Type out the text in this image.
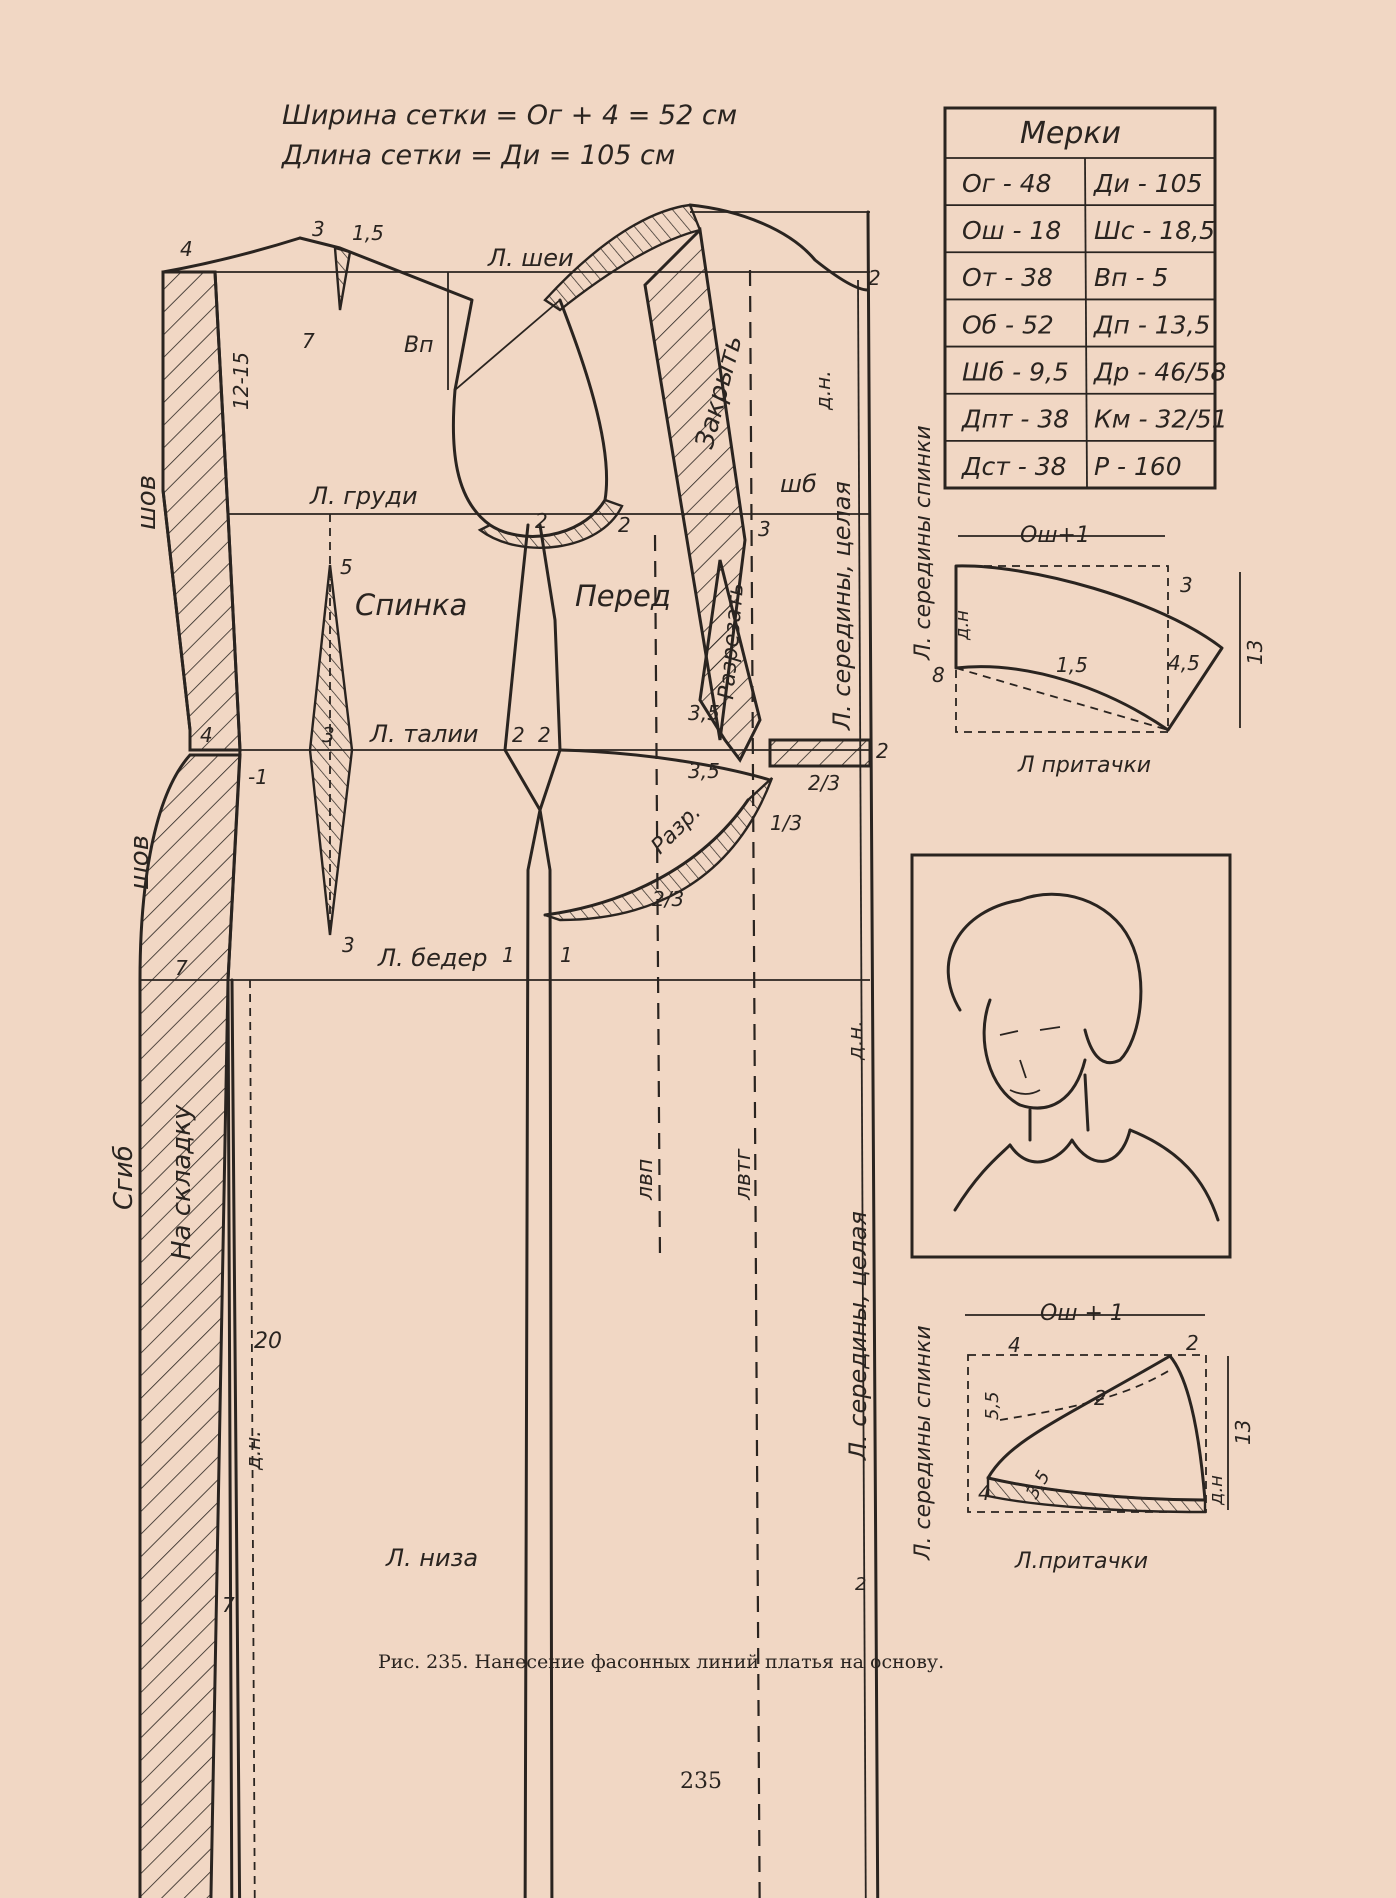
Ширина сетки = Ог + 4 = 52 см
Длина сетки = Ди = 105 см
Л. шеи
Л. груди
Л. талии
Л. бедер
Л. низа
Спинка	Перед
шб
Вп
шов
шов
Сгиб На складку
Закрыть
Разрезать
Разр.
д.н.
д.н.
д.н.
Л. середины, целая
Л. середины, целая
лвп	лвтг
3 1,5
4
2
7
12-15
2	2
5
3
3
4	2 2
2
3,5
3,5	2/3
1/3
2/3
-1
3	1 1
7
20
7
2
Ог - 48 Ди - 105
Ош - 18 Шс - 18,5
От - 38 Вп - 5
Об - 52 Дп - 13,5
Шб - 9,5 Др - 46/58
Дпт - 38 Км - 32/51
Дст - 38 Р - 160
Мерки
Ош+1
13
Л. середины спинки д.н
8	1,5
3
4,5
Л притачки
Ош + 1
13
Л. середины спинки	4	2
5,5	2
3,5
4	д.н
Л.притачки
Рис. 235. Нанесение фасонных линий платья на основу.
235
